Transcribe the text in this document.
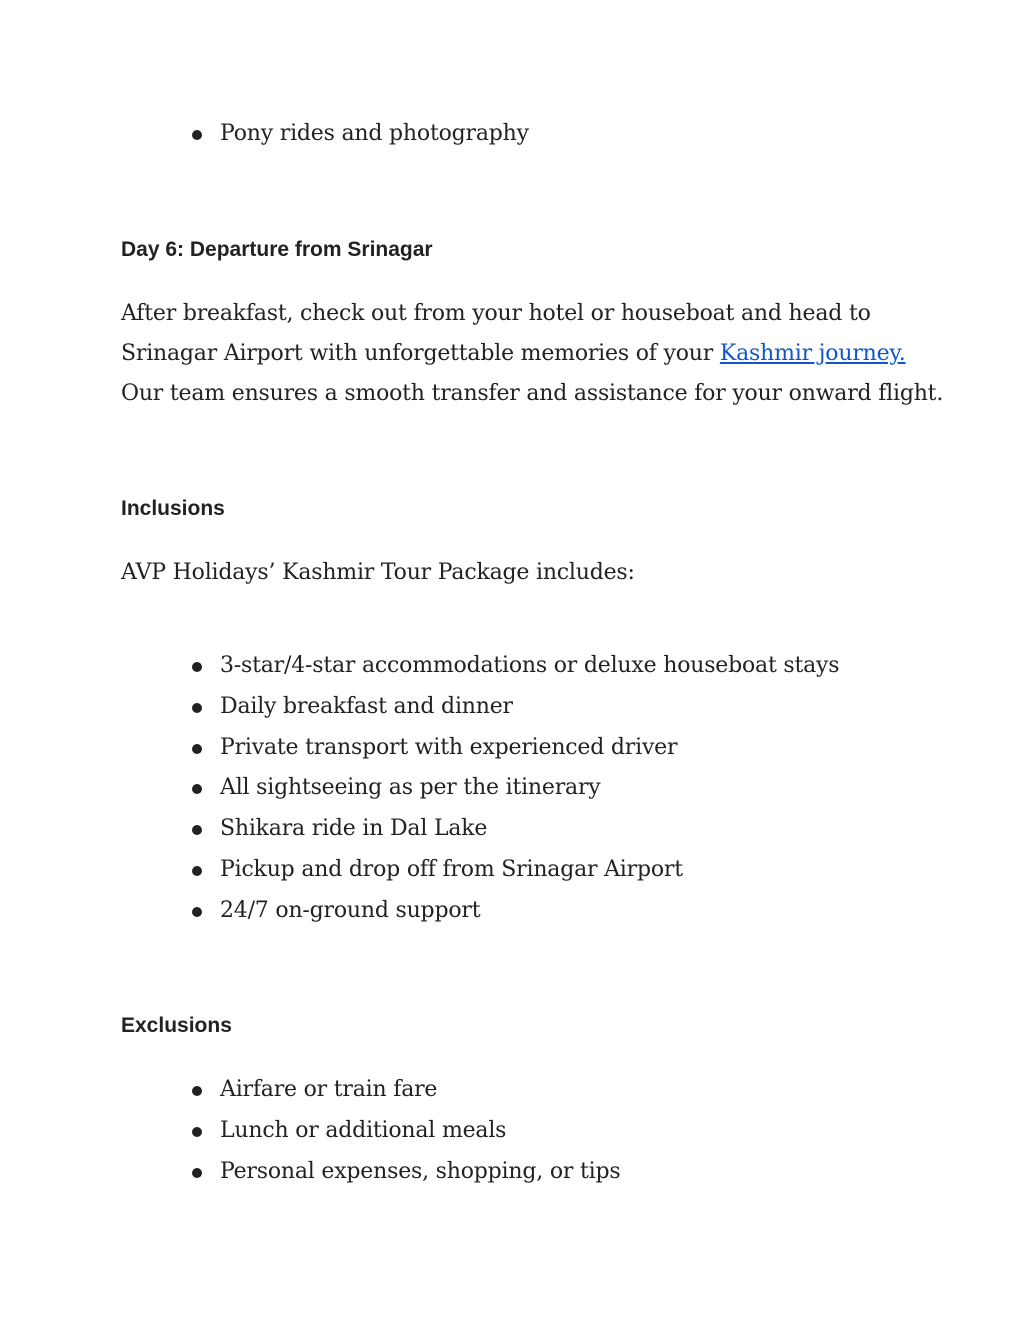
Pony rides and photography
Day 6: Departure from Srinagar

After breakfast, check out from your hotel or houseboat and head to
Srinagar Airport with unforgettable memories of your Kashmir journey.
Our team ensures a smooth transfer and assistance for your onward flight.

Inclusions

AVP Holidays’ Kashmir Tour Package includes:

3-star/4-star accommodations or deluxe houseboat stays
Daily breakfast and dinner
Private transport with experienced driver
All sightseeing as per the itinerary
Shikara ride in Dal Lake
Pickup and drop off from Srinagar Airport
24/7 on-ground support
Exclusions
Airfare or train fare
Lunch or additional meals
Personal expenses, shopping, or tips
